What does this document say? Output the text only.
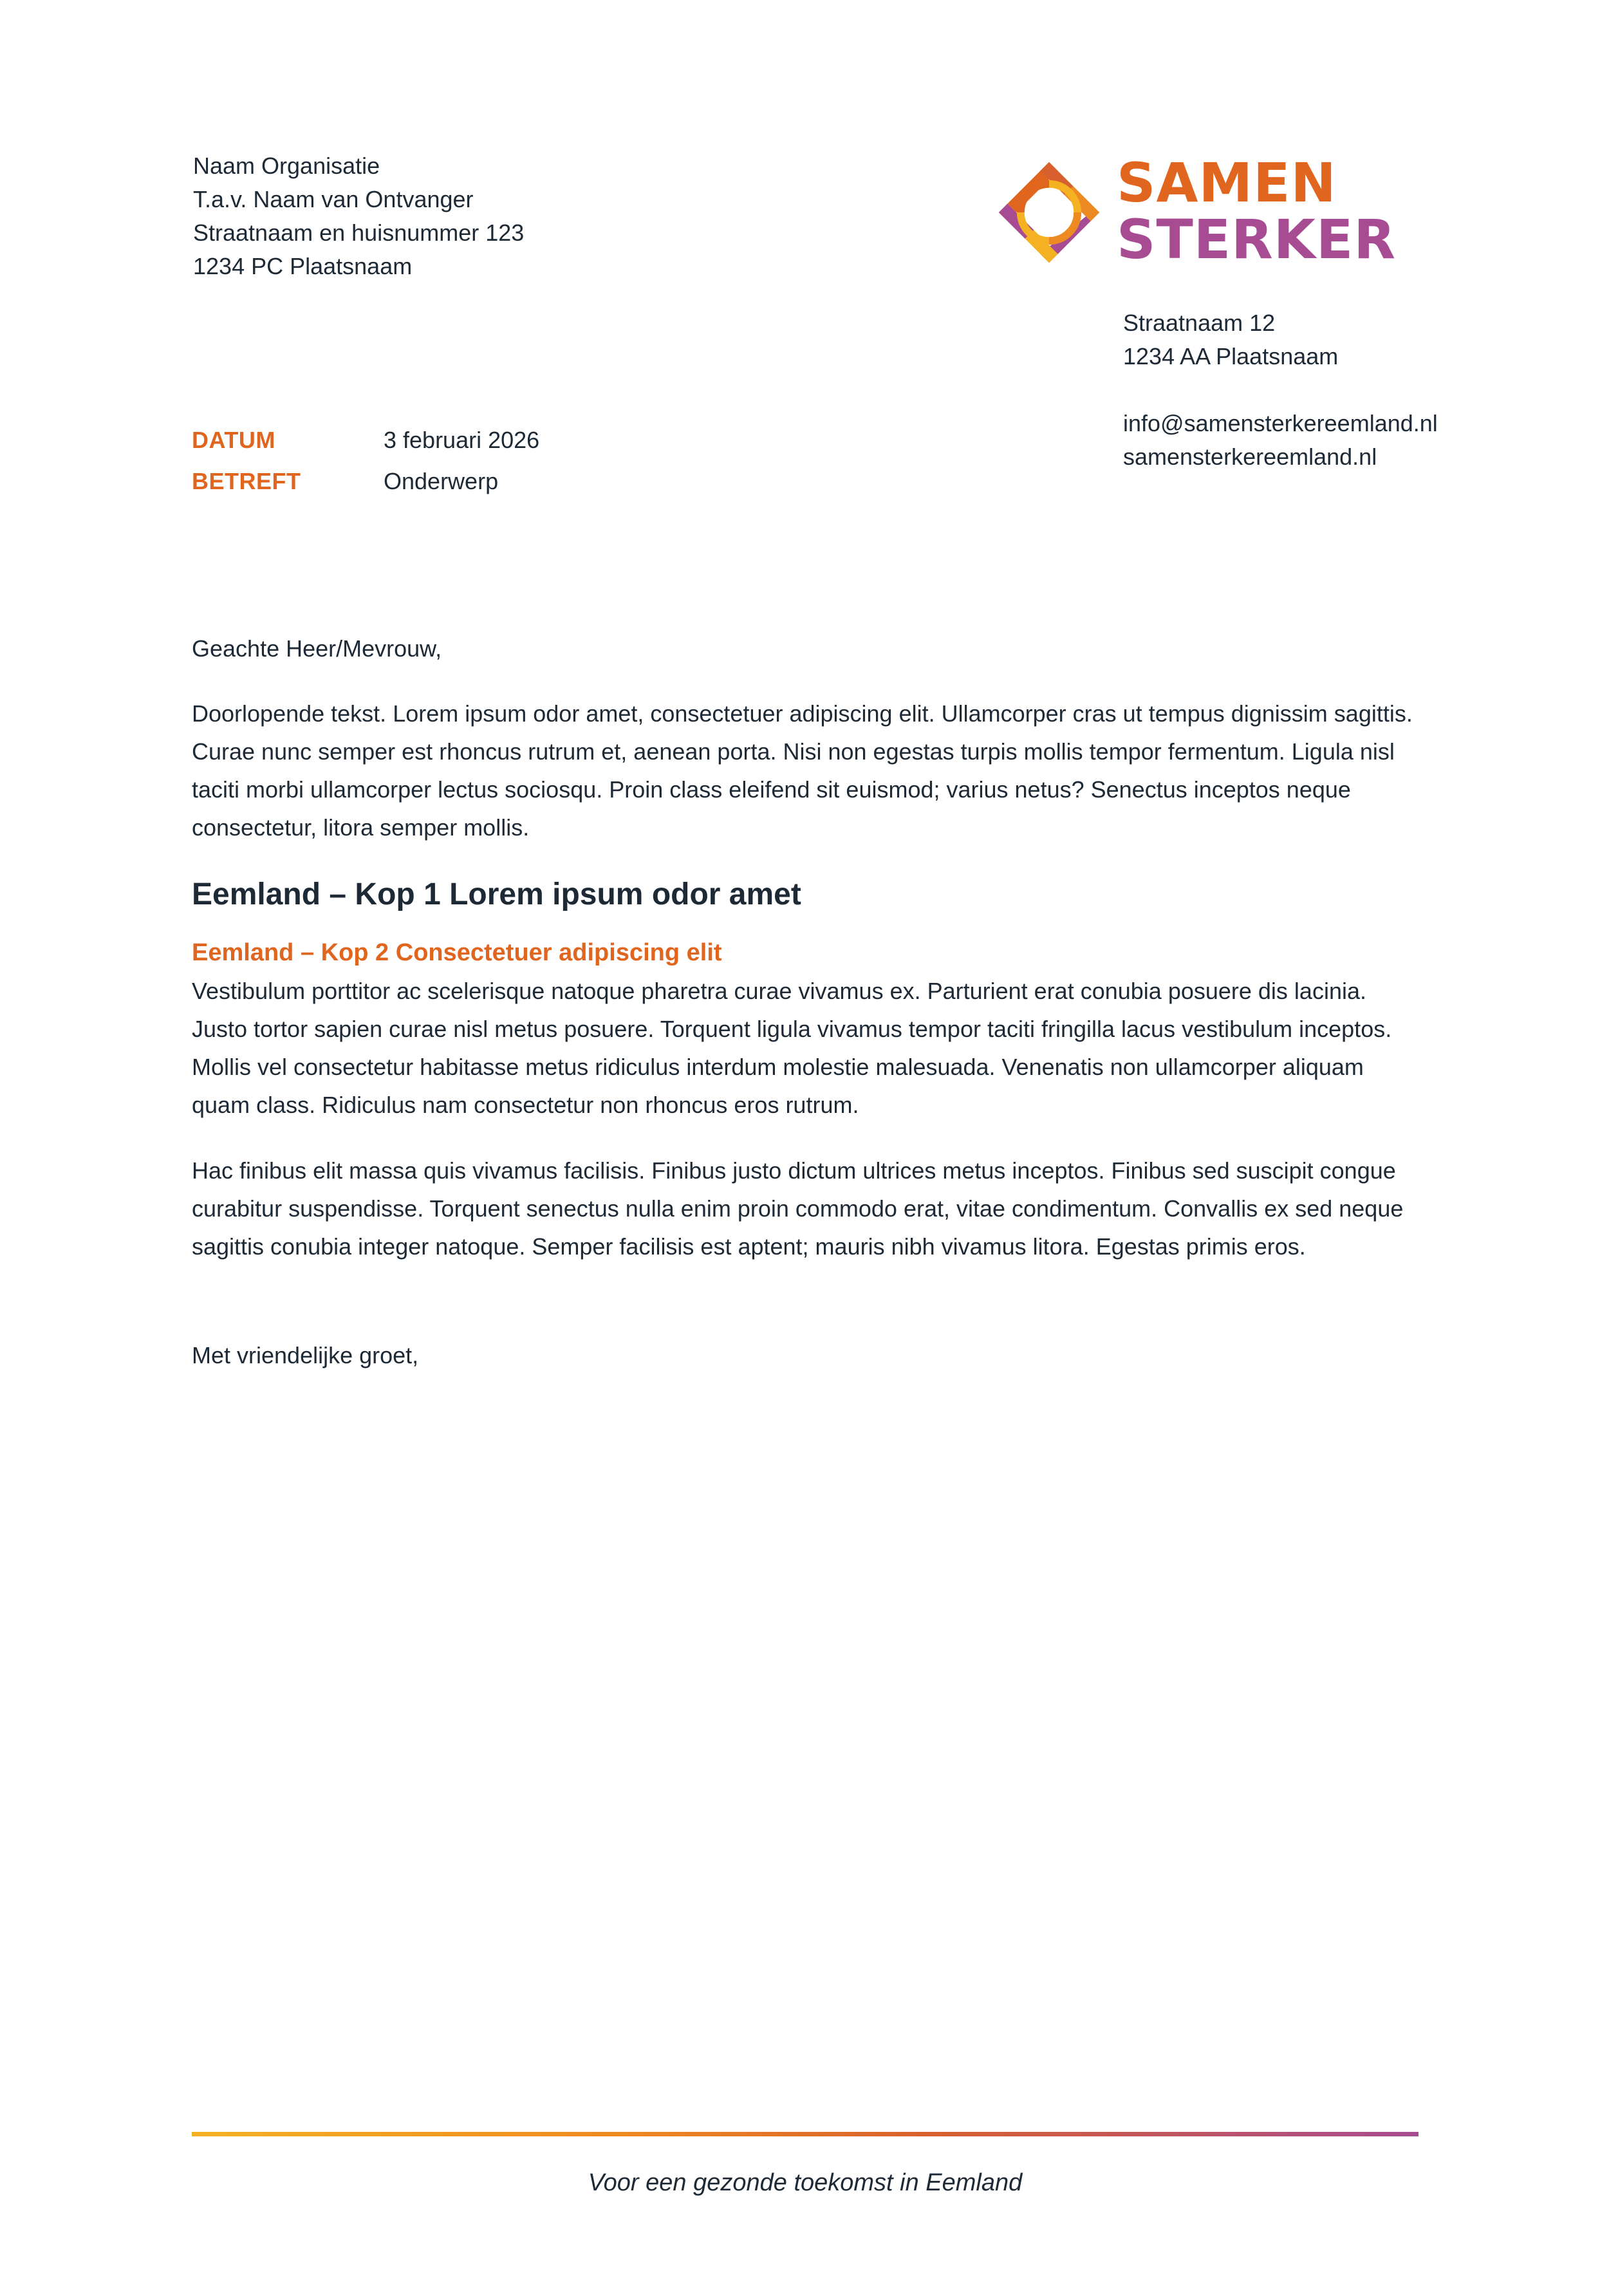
Naam Organisatie
T.a.v. Naam van Ontvanger
Straatnaam en huisnummer 123
1234 PC Plaatsnaam
SAMEN
STERKER
Straatnaam 12
1234 AA Plaatsnaam
info@samensterkereemland.nl
samensterkereemland.nl
DATUM	3 februari 2026
BETREFT	Onderwerp

Geachte Heer/Mevrouw,

Doorlopende tekst. Lorem ipsum odor amet, consectetuer adipiscing elit. Ullamcorper cras ut tempus dignissim sagittis. Curae nunc semper est rhoncus rutrum et, aenean porta. Nisi non egestas turpis mollis tempor fermentum. Ligula nisl taciti morbi ullamcorper lectus sociosqu. Proin class eleifend sit euismod; varius netus? Senectus inceptos neque consectetur, litora semper mollis.

Eemland – Kop 1 Lorem ipsum odor amet

Eemland – Kop 2 Consectetuer adipiscing elit

Vestibulum porttitor ac scelerisque natoque pharetra curae vivamus ex. Parturient erat conubia posuere dis lacinia. Justo tortor sapien curae nisl metus posuere. Torquent ligula vivamus tempor taciti fringilla lacus vestibulum inceptos. Mollis vel consectetur habitasse metus ridiculus interdum molestie malesuada. Venenatis non ullamcorper aliquam quam class. Ridiculus nam consectetur non rhoncus eros rutrum.

Hac finibus elit massa quis vivamus facilisis. Finibus justo dictum ultrices metus inceptos. Finibus sed suscipit congue curabitur suspendisse. Torquent senectus nulla enim proin commodo erat, vitae condimentum. Convallis ex sed neque sagittis conubia integer natoque. Semper facilisis est aptent; mauris nibh vivamus litora. Egestas primis eros.

Met vriendelijke groet,

Voor een gezonde toekomst in Eemland
